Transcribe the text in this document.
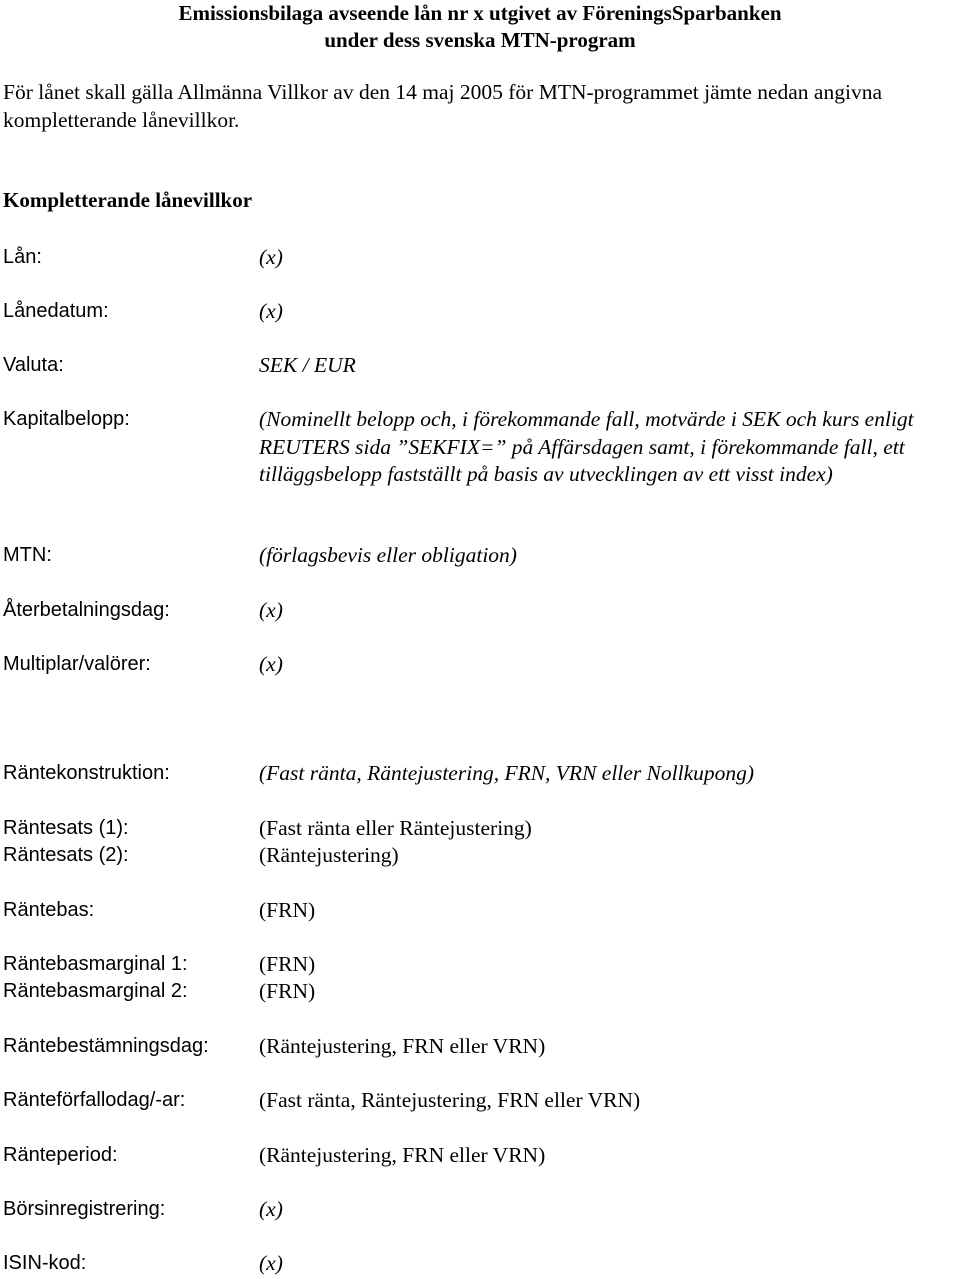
Emissionsbilaga avseende lån nr x utgivet av FöreningsSparbanken
under dess svenska MTN-program
För lånet skall gälla Allmänna Villkor av den 14 maj 2005 för MTN-programmet jämte nedan angivna kompletterande lånevillkor.
Kompletterande lånevillkor
Lån:	(x)
Lånedatum:	(x)
Valuta:	SEK / EUR
Kapitalbelopp:	(Nominellt belopp och, i förekommande fall, motvärde i SEK och kurs enligt REUTERS sida ”SEKFIX=” på Affärsdagen samt, i förekommande fall, ett tilläggsbelopp fastställt på basis av utvecklingen av ett visst index)
MTN:	(förlagsbevis eller obligation)
Återbetalningsdag:	(x)
Multiplar/valörer:	(x)
Räntekonstruktion:	(Fast ränta, Räntejustering, FRN, VRN eller Nollkupong)
Räntesats (1):	(Fast ränta eller Räntejustering)
Räntesats (2):	(Räntejustering)
Räntebas:	(FRN)
Räntebasmarginal 1:	(FRN)
Räntebasmarginal 2:	(FRN)
Räntebestämningsdag: (Räntejustering, FRN eller VRN)
Ränteförfallodag/-ar:	(Fast ränta, Räntejustering, FRN eller VRN)
Ränteperiod:	(Räntejustering, FRN eller VRN)
Börsinregistrering:	(x)
ISIN-kod:	(x)
